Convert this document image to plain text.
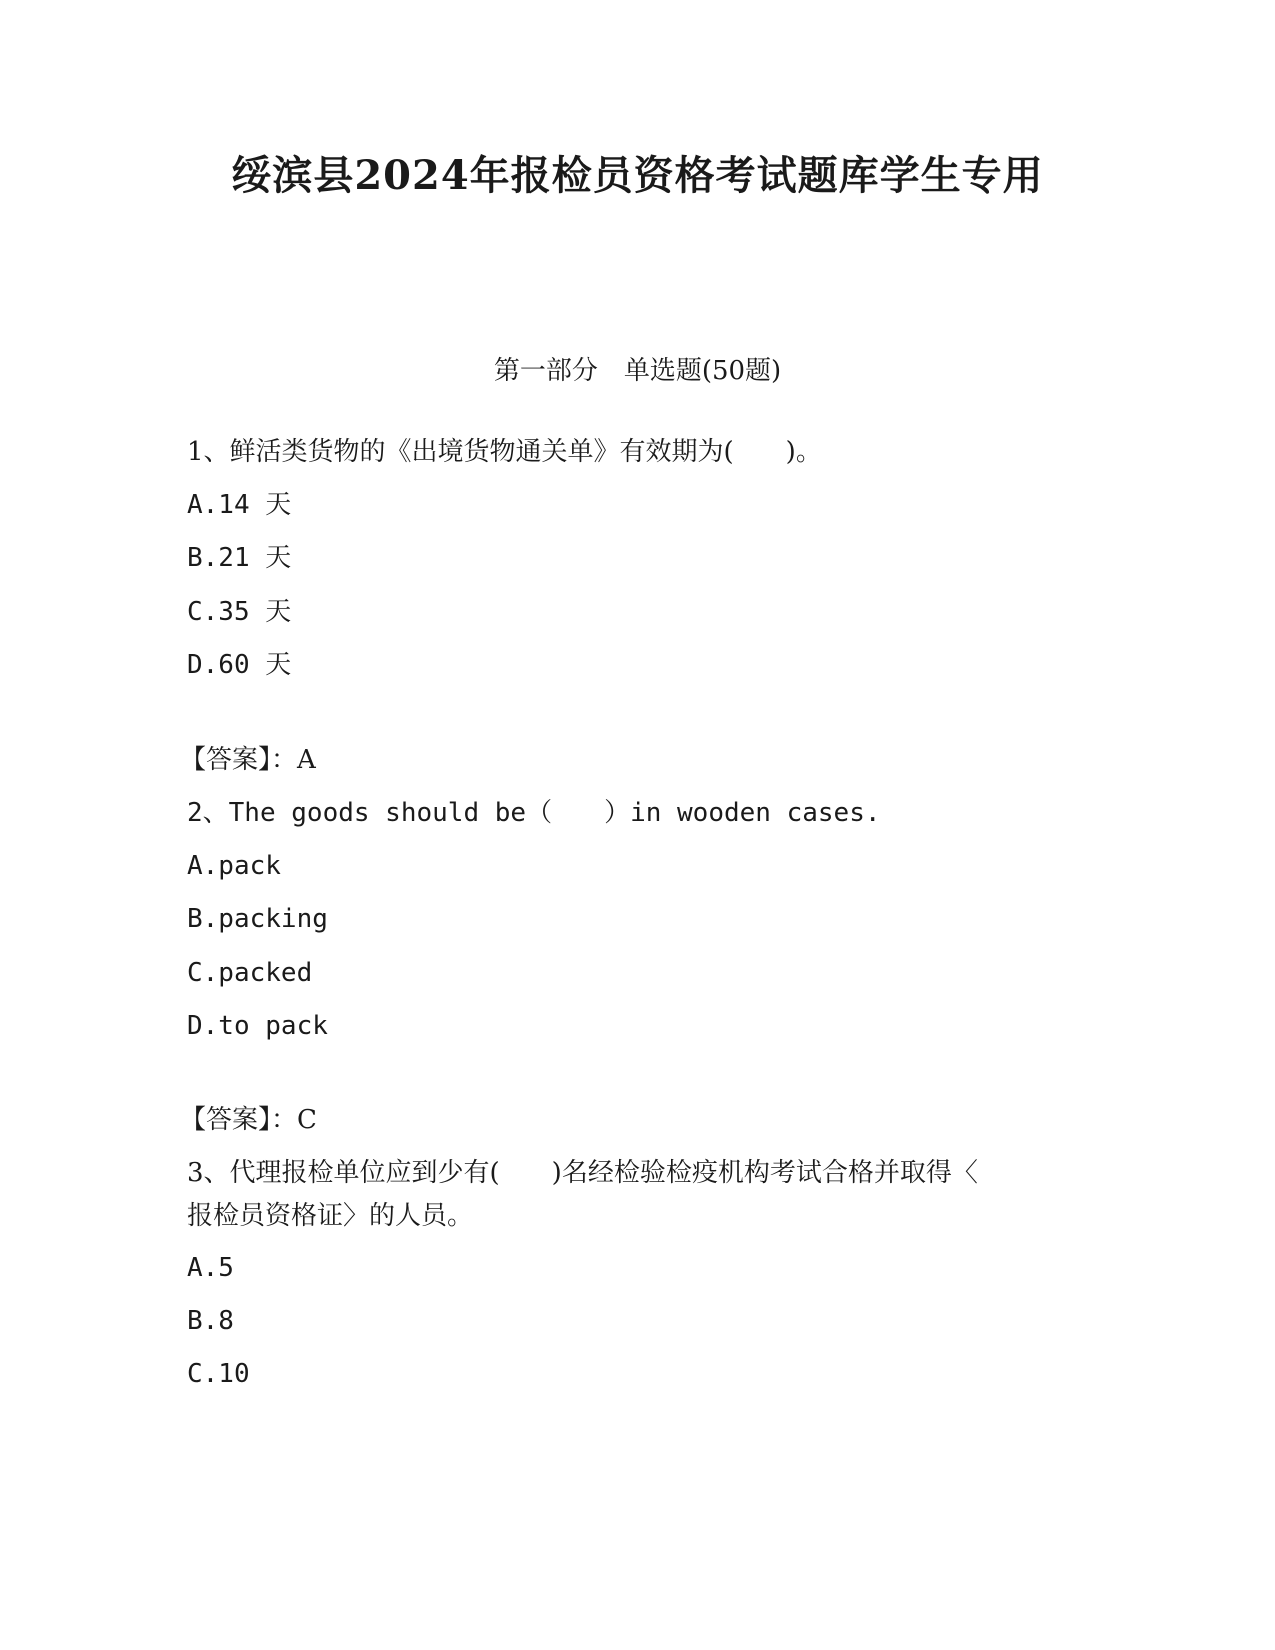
绥滨县2024年报检员资格考试题库学生专用
第一部分　单选题(50题)
1、鲜活类货物的《出境货物通关单》有效期为(　　)。
A.14 天
B.21 天
C.35 天
D.60 天
【答案】：A
2、The goods should be（　　）in wooden cases.
A.pack
B.packing
C.packed
D.to pack
【答案】：C
3、代理报检单位应到少有(　　)名经检验检疫机构考试合格并取得〈
报检员资格证〉的人员。
A.5
B.8
C.10
